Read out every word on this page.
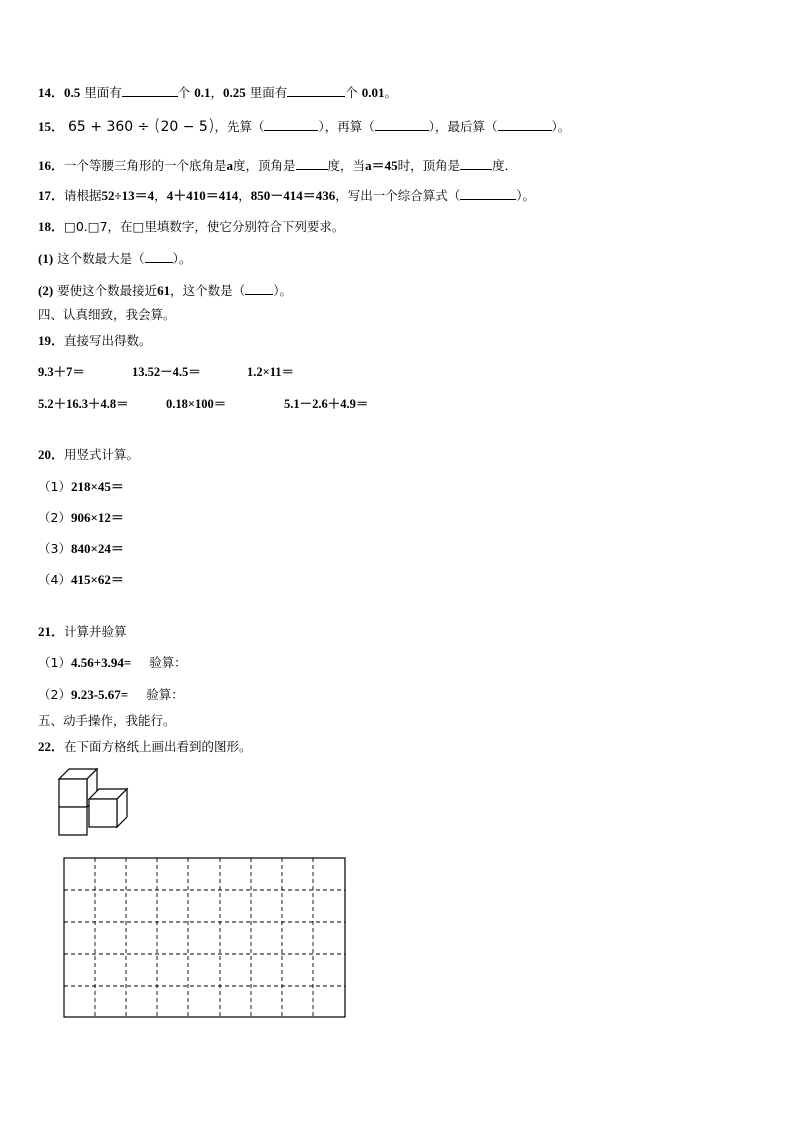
14．0.5 里面有	个 0.1，0.25 里面有	个 0.01。
15． 65 + 360 ÷ (20 − 5)，先算（	），再算（	），最后算（	）。
16．一个等腰三角形的一个底角是a度，顶角是	度，当a＝45时，顶角是	度．
17．请根据52÷13＝4，4＋410＝414，850－414＝436，写出一个综合算式（	）。
18．□0.□7，在□里填数字，使它分别符合下列要求。
(1) 这个数最大是（ ）。
(2) 要使这个数最接近61，这个数是（ ）。
四、认真细致，我会算。
19．直接写出得数。
9.3＋7＝	13.52－4.5＝	1.2×11＝
5.2＋16.3＋4.8＝	0.18×100＝	5.1－2.6＋4.9＝
20．用竖式计算。
（1）218×45＝
（2）906×12＝
（3）840×24＝
（4）415×62＝
21．计算并验算
（1）4.56+3.94= 验算：
（2）9.23-5.67= 验算：
五、动手操作，我能行。
22．在下面方格纸上画出看到的图形。
